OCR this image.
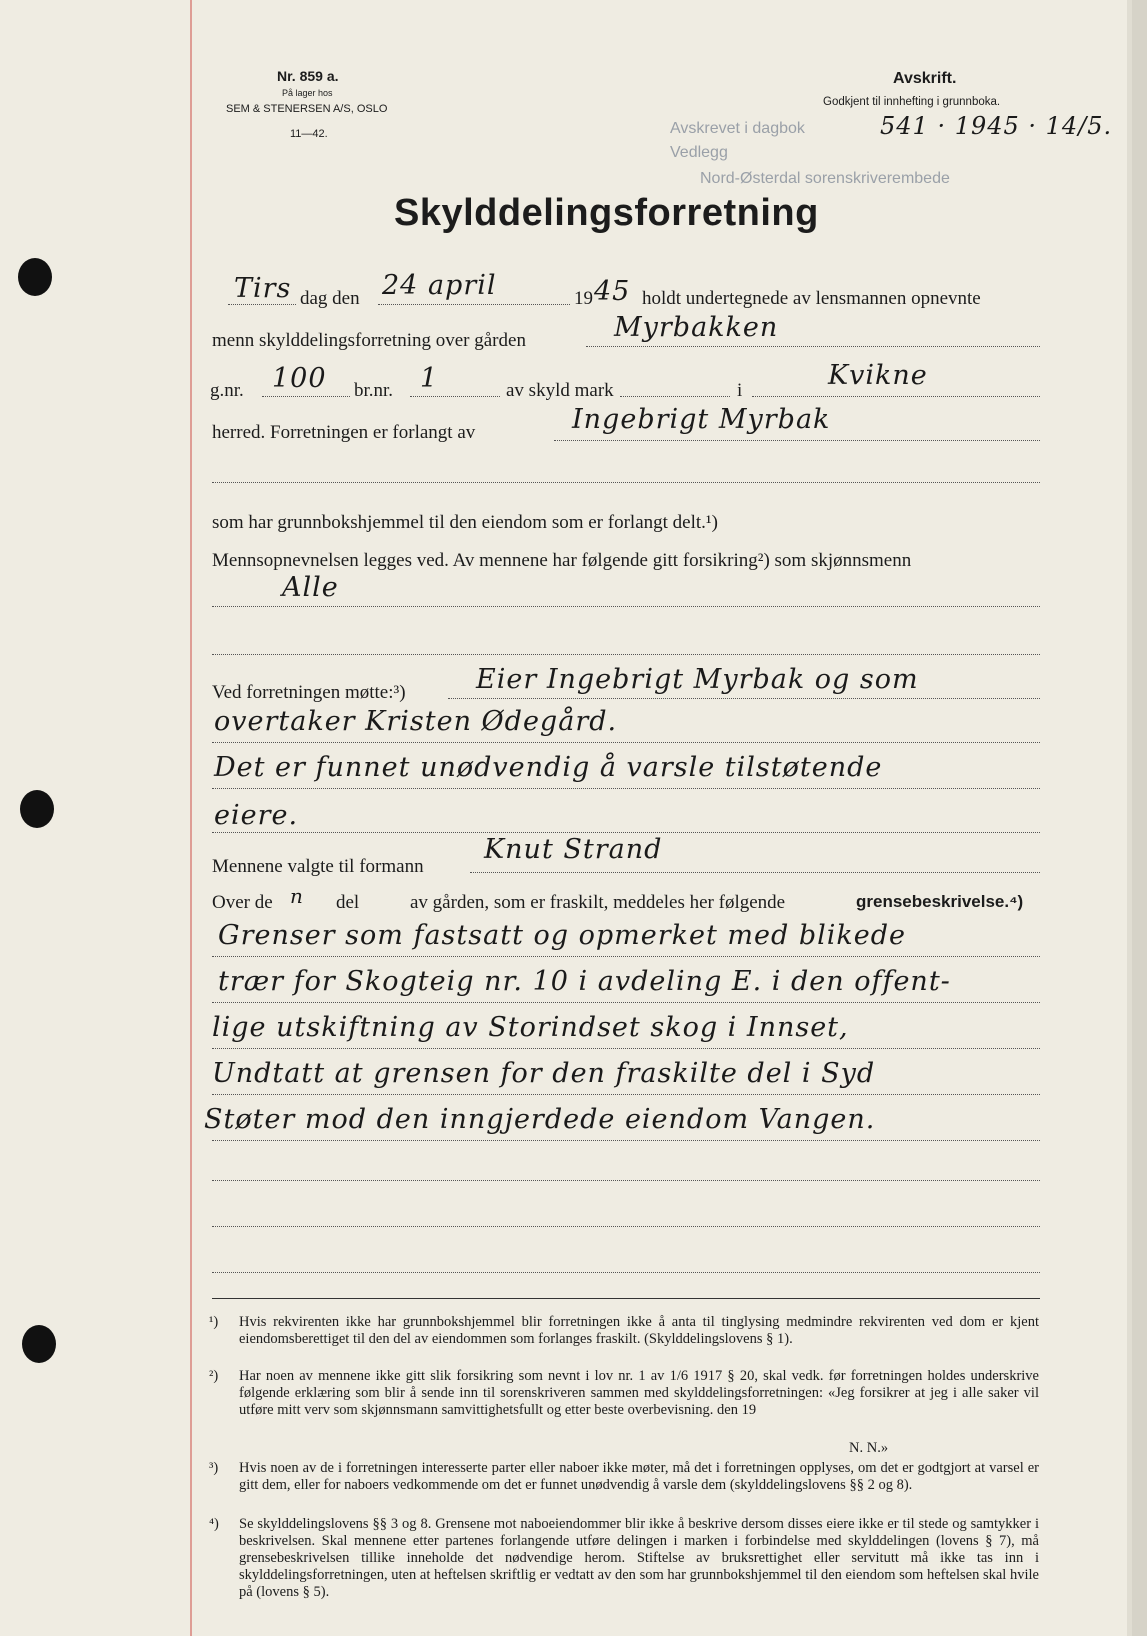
Nr. 859 a.
På lager hos
SEM & STENERSEN A/S, OSLO
11—42.
Avskrift.
Godkjent til innhefting i grunnboka.
Avskrevet i dagbok
Vedlegg
Nord-Østerdal sorenskriverembede
541 · 1945 · 14/5.
Skylddelingsforretning
Tirs dag den 24 april	19 45 holdt undertegnede av lensmannen opnevnte
menn skylddelingsforretning over gården	Myrbakken
g.nr. 100 br.nr. 1	av skyld mark	i	Kvikne
herred. Forretningen er forlangt av	Ingebrigt Myrbak
som har grunnbokshjemmel til den eiendom som er forlangt delt.¹)
Mennsopnevnelsen legges ved. Av mennene har følgende gitt forsikring²) som skjønnsmenn
Alle
Ved forretningen møtte:³)	Eier Ingebrigt Myrbak og som
overtaker Kristen Ødegård.
Det er funnet unødvendig å varsle tilstøtende
eiere.
Mennene valgte til formann
Knut Strand
Over de n del	av gården, som er fraskilt, meddeles her følgende	grensebeskrivelse.⁴)
Grenser som fastsatt og opmerket med blikede
trær for Skogteig nr. 10 i avdeling E. i den offent-
lige utskiftning av Storindset skog i Innset,
Undtatt at grensen for den fraskilte del i Syd
Støter mod den inngjerdede eiendom Vangen.
¹) Hvis rekvirenten ikke har grunnbokshjemmel blir forretningen ikke å anta til tinglysing medmindre rekvirenten ved dom er kjent eiendomsberettiget til den del av eiendommen som forlanges fraskilt. (Skylddelingslovens § 1).
²) Har noen av mennene ikke gitt slik forsikring som nevnt i lov nr. 1 av 1/6 1917 § 20, skal vedk. før forretningen holdes underskrive følgende erklæring som blir å sende inn til sorenskriveren sammen med skylddelingsforretningen: «Jeg forsikrer at jeg i alle saker vil utføre mitt verv som skjønnsmann samvittighetsfullt og etter beste overbevisning. den 19
N. N.»
³) Hvis noen av de i forretningen interesserte parter eller naboer ikke møter, må det i forretningen opplyses, om det er godtgjort at varsel er gitt dem, eller for naboers vedkommende om det er funnet unødvendig å varsle dem (skylddelingslovens §§ 2 og 8).
⁴) Se skylddelingslovens §§ 3 og 8. Grensene mot naboeiendommer blir ikke å beskrive dersom disses eiere ikke er til stede og samtykker i beskrivelsen. Skal mennene etter partenes forlangende utføre delingen i marken i forbindelse med skylddelingen (lovens § 7), må grensebeskrivelsen tillike inneholde det nødvendige herom. Stiftelse av bruksrettighet eller servitutt må ikke tas inn i skylddelingsforretningen, uten at heftelsen skriftlig er vedtatt av den som har grunnbokshjemmel til den eiendom som heftelsen skal hvile på (lovens § 5).
